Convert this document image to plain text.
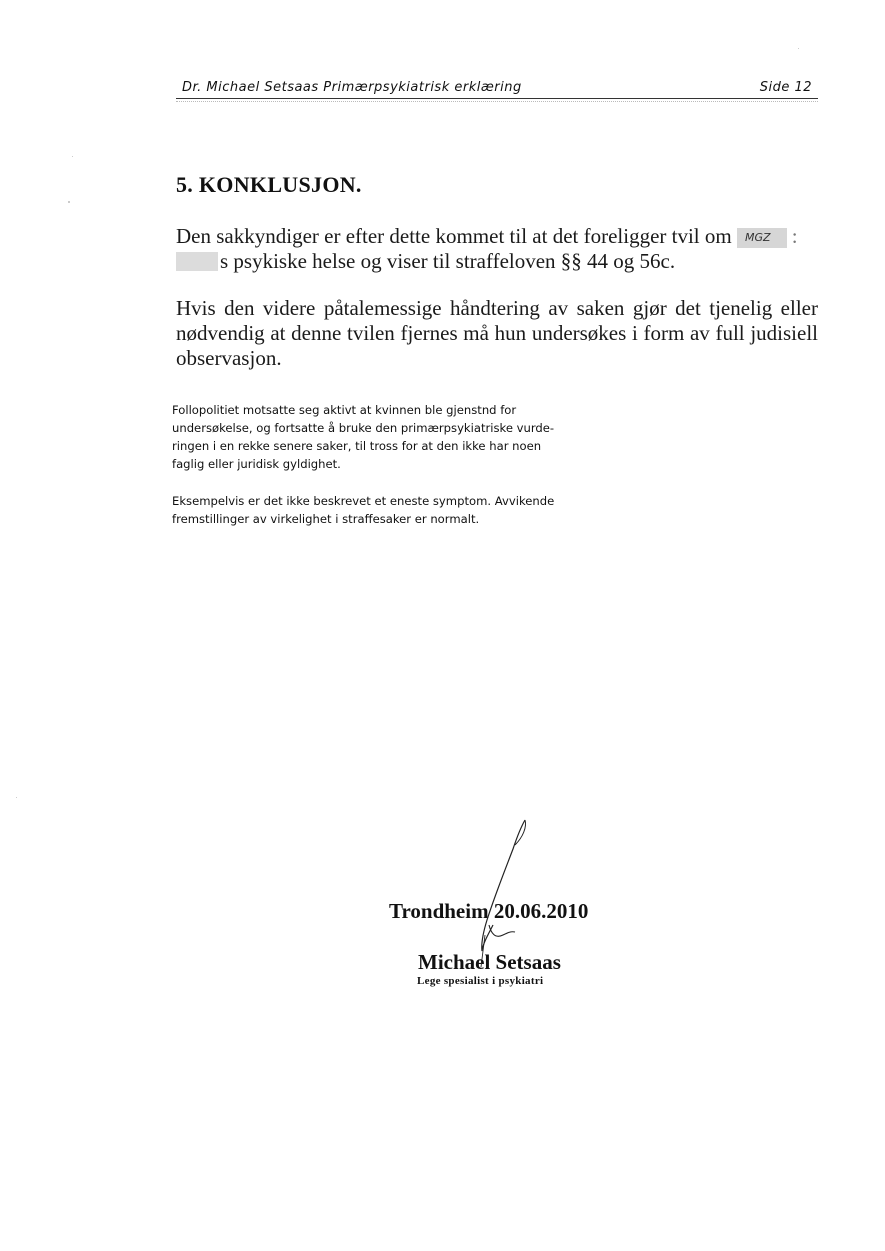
Dr. Michael Setsaas Primærpsykiatrisk erklæring	Side 12
5. KONKLUSJON.
Den sakkyndiger er efter dette kommet til at det foreligger tvil om MGZ :
s psykiske helse og viser til straffeloven §§ 44 og 56c.
Hvis den videre påtalemessige håndtering av saken gjør det tjenelig eller nødvendig at denne tvilen fjernes må hun undersøkes i form av full judisiell observasjon.
Follopolitiet motsatte seg aktivt at kvinnen ble gjenstnd for undersøkelse, og fortsatte å bruke den primærpsykiatriske vurde-ringen i en rekke senere saker, til tross for at den ikke har noen faglig eller juridisk gyldighet.
Eksempelvis er det ikke beskrevet et eneste symptom. Avvikende fremstillinger av virkelighet i straffesaker er normalt.
Trondheim 20.06.2010
Michael Setsaas
Lege spesialist i psykiatri
